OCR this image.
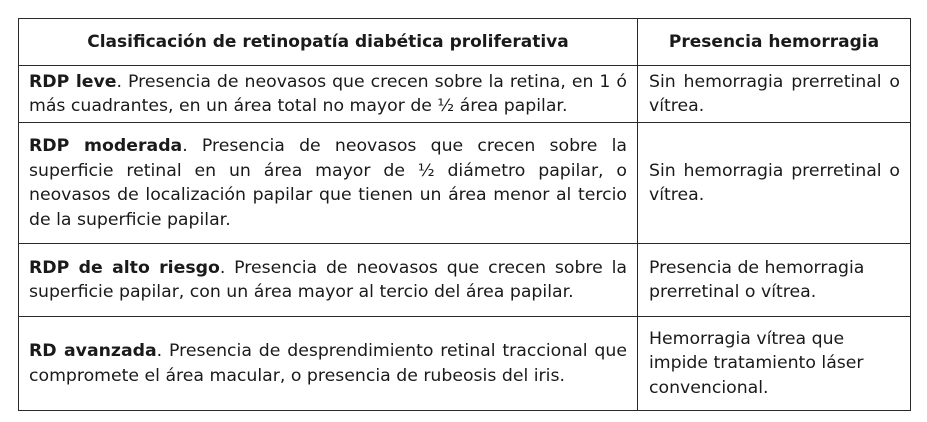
Clasificación de retinopatía diabética proliferativa	Presencia hemorragia
RDP leve. Presencia de neovasos que crecen sobre la retina, en 1 ó más cuadrantes, en un área total no mayor de ½ área papilar.	Sin hemorragia prerretinal o vítrea.
RDP moderada. Presencia de neovasos que crecen sobre la superficie retinal en un área mayor de ½ diámetro papilar, o neovasos de localización papilar que tienen un área menor al tercio de la superficie papilar.	Sin hemorragia prerretinal o vítrea.
RDP de alto riesgo. Presencia de neovasos que crecen sobre la superficie papilar, con un área mayor al tercio del área papilar.	Presencia de hemorragia prerretinal o vítrea.
RD avanzada. Presencia de desprendimiento retinal traccional que compromete el área macular, o presencia de rubeosis del iris.	Hemorragia vítrea que impide tratamiento láser convencional.
